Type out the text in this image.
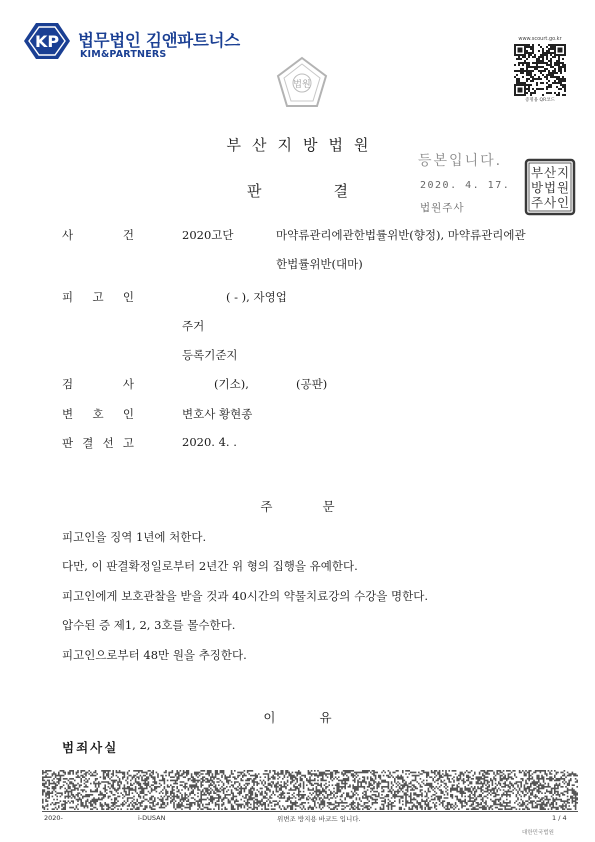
KP 법무법인 김앤파트너스
KIM&PARTNERS
법원
www.scourt.go.kr
증명용 QR코드
부산지방법원
판	결
등본입니다.
2020. 4. 17.
법원주사
부 산 지
방 법 원
주 사 인
사	건	2020고단	마약류관리에관한법률위반(향정), 마약류관리에관
한법률위반(대마)
피 고 인	( - ), 자영업
주거
등록기준지
검	사	(기소),	(공판)
변 호 인	변호사 황현종
판 결 선 고	2020. 4. .
주	문
피고인을 징역 1년에 처한다.
다만, 이 판결확정일로부터 2년간 위 형의 집행을 유예한다.
피고인에게 보호관찰을 받을 것과 40시간의 약물치료강의 수강을 명한다.
압수된 증 제1, 2, 3호를 몰수한다.
피고인으로부터 48만 원을 추징한다.
이	유
범죄사실
2020-	i-DUSAN	위변조 방지용 바코드 입니다.	1 / 4
대한민국법원
